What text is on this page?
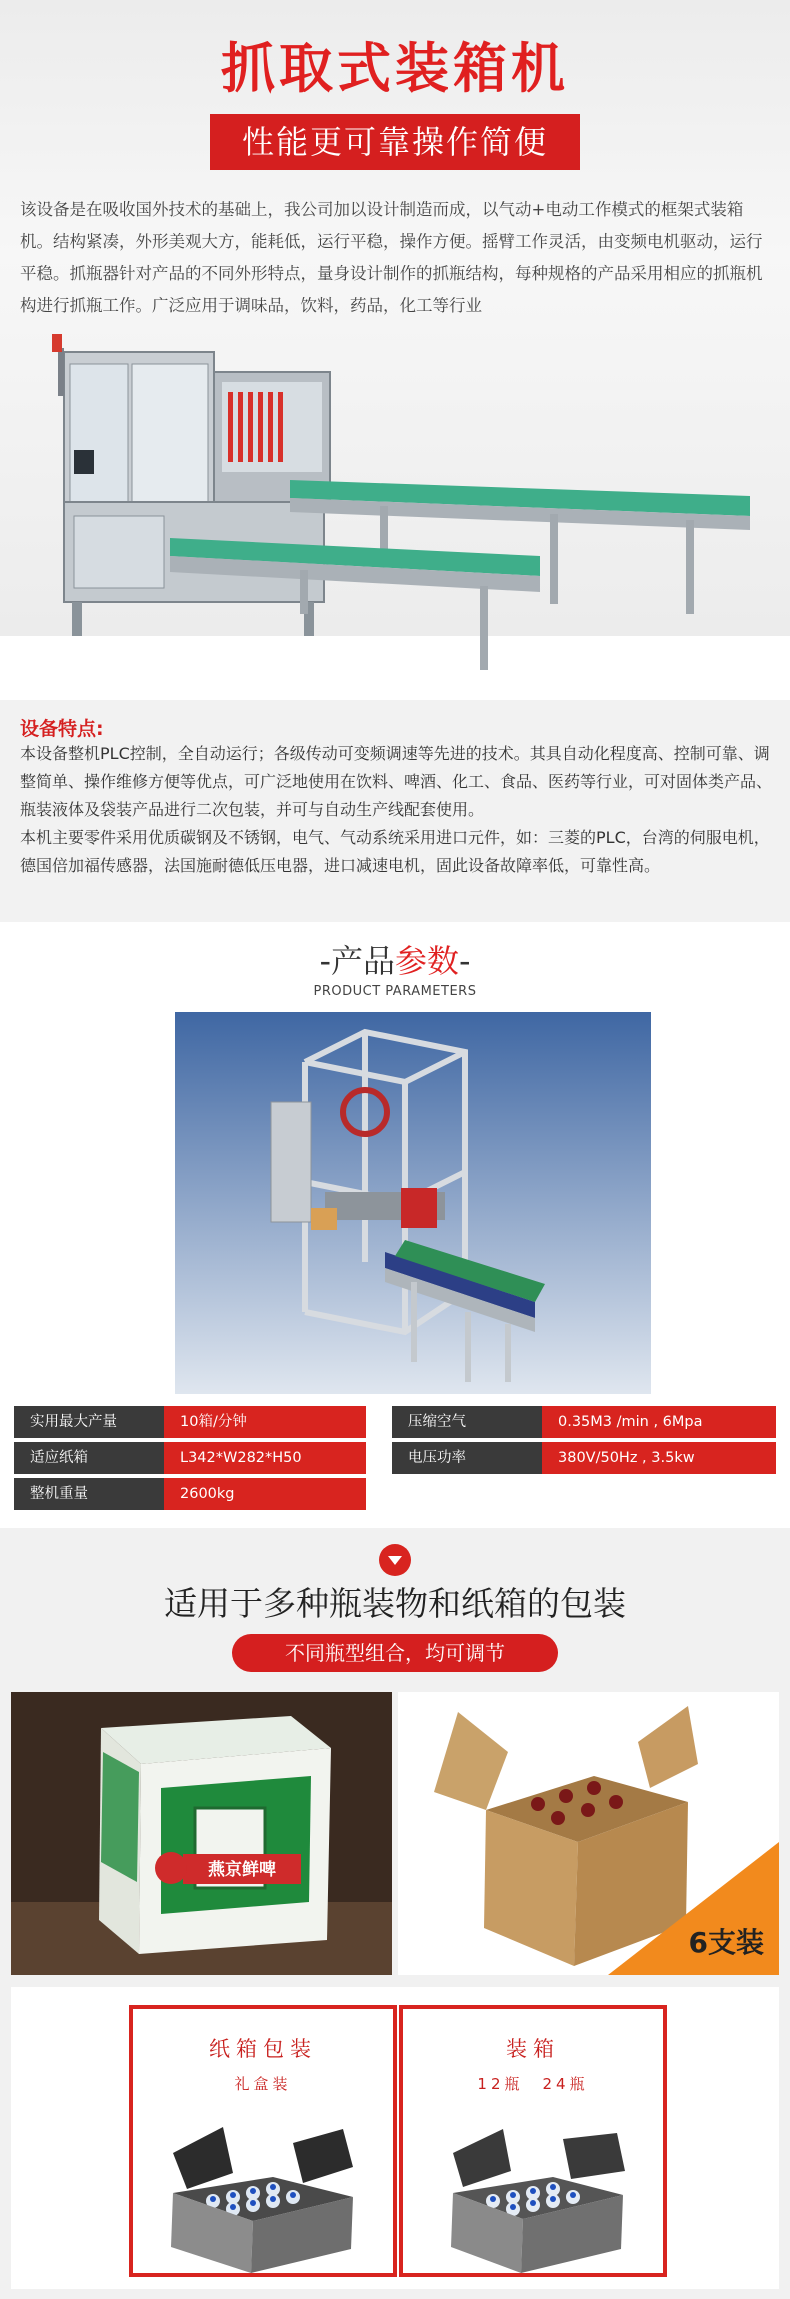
抓取式装箱机
性能更可靠操作简便
该设备是在吸收国外技术的基础上，我公司加以设计制造而成，以气动+电动工作模式的框架式装箱机。结构紧凑，外形美观大方，能耗低，运行平稳，操作方便。摇臂工作灵活，由变频电机驱动，运行平稳。抓瓶器针对产品的不同外形特点，量身设计制作的抓瓶结构，每种规格的产品采用相应的抓瓶机构进行抓瓶工作。广泛应用于调味品，饮料，药品，化工等行业
设备特点:
本设备整机PLC控制，全自动运行；各级传动可变频调速等先进的技术。其具自动化程度高、控制可靠、调整简单、操作维修方便等优点，可广泛地使用在饮料、啤酒、化工、食品、医药等行业，可对固体类产品、瓶装液体及袋装产品进行二次包装，并可与自动生产线配套使用。
本机主要零件采用优质碳钢及不锈钢，电气、气动系统采用进口元件，如：三菱的PLC，台湾的伺服电机，德国倍加福传感器，法国施耐德低压电器，进口减速电机，固此设备故障率低，可靠性高。
-产品参数-
PRODUCT PARAMETERS
实用最大产量	10箱/分钟	压缩空气	0.35M3 /min , 6Mpa
适应纸箱	L342*W282*H50	电压功率	380V/50Hz , 3.5kw
整机重量	2600kg
适用于多种瓶装物和纸箱的包装
不同瓶型组合，均可调节
燕京鲜啤
6支装
纸箱包装
礼盒装
装箱
12瓶　24瓶
